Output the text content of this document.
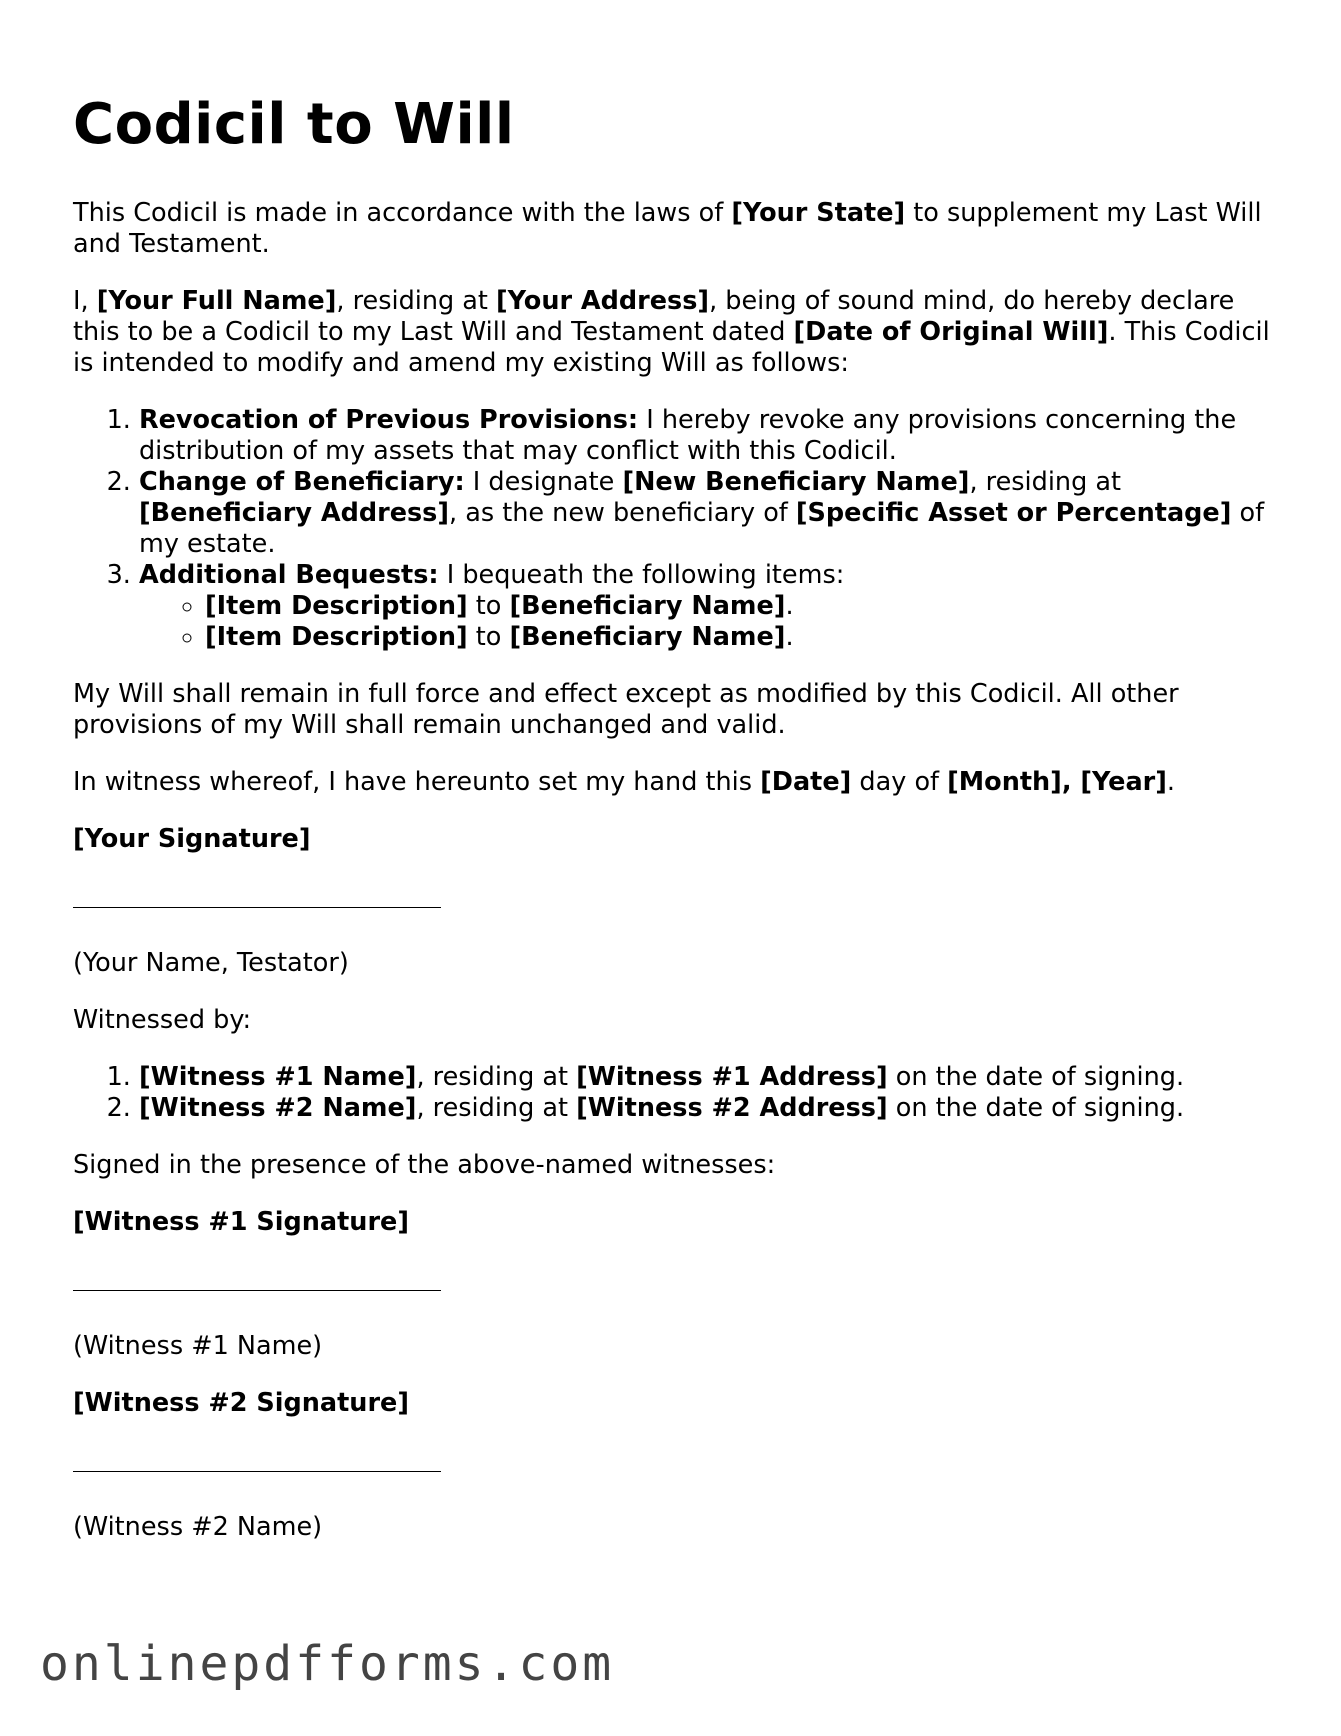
Codicil to Will

This Codicil is made in accordance with the laws of [Your State] to supplement my Last Will and Testament.

I, [Your Full Name], residing at [Your Address], being of sound mind, do hereby declare this to be a Codicil to my Last Will and Testament dated [Date of Original Will]. This Codicil is intended to modify and amend my existing Will as follows:

1. Revocation of Previous Provisions: I hereby revoke any provisions concerning the distribution of my assets that may conflict with this Codicil.
2. Change of Beneficiary: I designate [New Beneficiary Name], residing at [Beneficiary Address], as the new beneficiary of [Specific Asset or Percentage] of my estate.
3. Additional Bequests: I bequeath the following items:
◦ [Item Description] to [Beneficiary Name].
◦ [Item Description] to [Beneficiary Name].

My Will shall remain in full force and effect except as modified by this Codicil. All other provisions of my Will shall remain unchanged and valid.

In witness whereof, I have hereunto set my hand this [Date] day of [Month], [Year].

[Your Signature]

(Your Name, Testator)

Witnessed by:

1. [Witness #1 Name], residing at [Witness #1 Address] on the date of signing.
2. [Witness #2 Name], residing at [Witness #2 Address] on the date of signing.

Signed in the presence of the above-named witnesses:

[Witness #1 Signature]

(Witness #1 Name)

[Witness #2 Signature]

(Witness #2 Name)

onlinepdfforms.com
